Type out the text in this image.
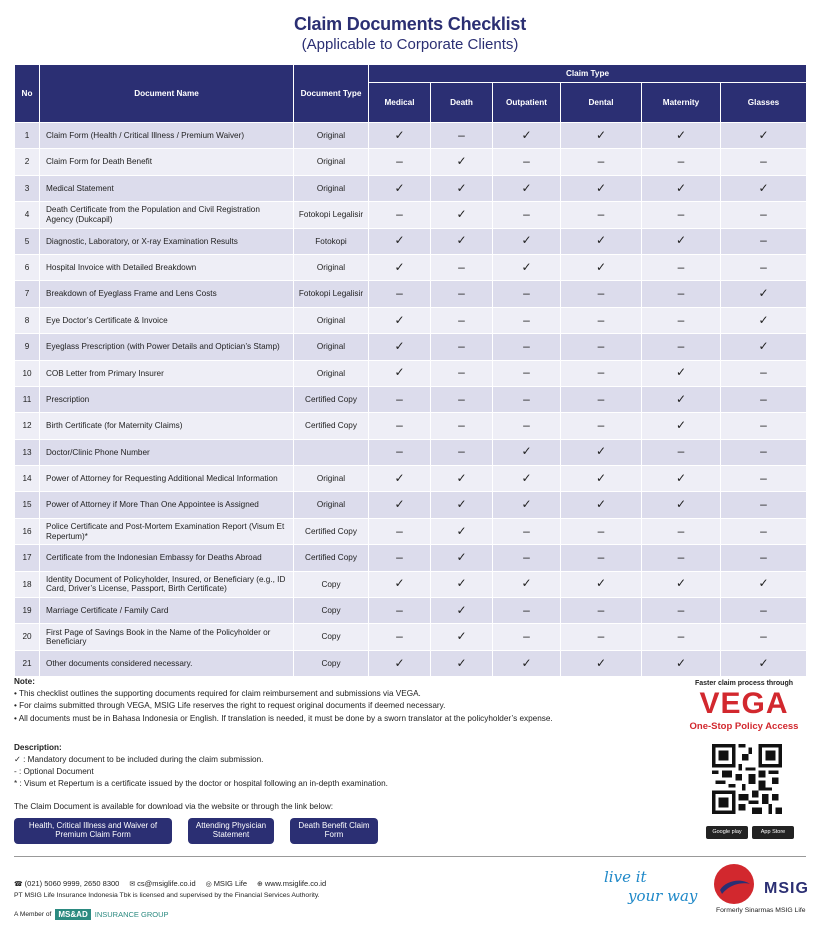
Claim Documents Checklist
(Applicable to Corporate Clients)
No	Document Name	Document Type	Claim Type					
			Medical	Death	Outpatient	Dental	Maternity	Glasses
1	Claim Form (Health / Critical Illness / Premium Waiver)	Original	✓	–	✓	✓	✓	✓
2	Claim Form for Death Benefit	Original	–	✓	–	–	–	–
3	Medical Statement	Original	✓	✓	✓	✓	✓	✓
4	Death Certificate from the Population and Civil Registration Agency (Dukcapil)	Fotokopi Legalisir	–	✓	–	–	–	–
5	Diagnostic, Laboratory, or X-ray Examination Results	Fotokopi	✓	✓	✓	✓	✓	–
6	Hospital Invoice with Detailed Breakdown	Original	✓	–	✓	✓	–	–
7	Breakdown of Eyeglass Frame and Lens Costs	Fotokopi Legalisir	–	–	–	–	–	✓
8	Eye Doctor’s Certificate & Invoice	Original	✓	–	–	–	–	✓
9	Eyeglass Prescription (with Power Details and Optician’s Stamp)	Original	✓	–	–	–	–	✓
10	COB Letter from Primary Insurer	Original	✓	–	–	–	✓	–
11	Prescription	Certified Copy	–	–	–	–	✓	–
12	Birth Certificate (for Maternity Claims)	Certified Copy	–	–	–	–	✓	–
13	Doctor/Clinic Phone Number		–	–	✓	✓	–	–
14	Power of Attorney for Requesting Additional Medical Information	Original	✓	✓	✓	✓	✓	–
15	Power of Attorney if More Than One Appointee is Assigned	Original	✓	✓	✓	✓	✓	–
16	Police Certificate and Post-Mortem Examination Report (Visum Et Repertum)*	Certified Copy	–	✓	–	–	–	–
17	Certificate from the Indonesian Embassy for Deaths Abroad	Certified Copy	–	✓	–	–	–	–
18	Identity Document of Policyholder, Insured, or Beneficiary (e.g., ID Card, Driver’s License, Passport, Birth Certificate)	Copy	✓	✓	✓	✓	✓	✓
19	Marriage Certificate / Family Card	Copy	–	✓	–	–	–	–
20	First Page of Savings Book in the Name of the Policyholder or Beneficiary	Copy	–	✓	–	–	–	–
21	Other documents considered necessary.	Copy	✓	✓	✓	✓	✓	✓
Note:
• This checklist outlines the supporting documents required for claim reimbursement and submissions via VEGA.
• For claims submitted through VEGA, MSIG Life reserves the right to request original documents if deemed necessary.
• All documents must be in Bahasa Indonesia or English. If translation is needed, it must be done by a sworn translator at the policyholder’s expense.
Description:
✓ : Mandatory document to be included during the claim submission.
- : Optional Document
* : Visum et Repertum is a certificate issued by the doctor or hospital following an in-depth examination.
The Claim Document is available for download via the website or through the link below:
Health, Critical Illness and Waiver of Premium Claim Form
Attending Physician Statement
Death Benefit Claim Form
Faster claim process through
VEGA
One-Stop Policy Access
Google play	App Store
☎ (021) 5060 9999, 2650 8300 ✉ cs@msiglife.co.id ◎ MSIG Life ⊕ www.msiglife.co.id
PT MSIG Life Insurance Indonesia Tbk is licensed and supervised by the Financial Services Authority.
A Member of MS&AD INSURANCE GROUP
live it
your way	MSIG
Formerly Sinarmas MSIG Life
